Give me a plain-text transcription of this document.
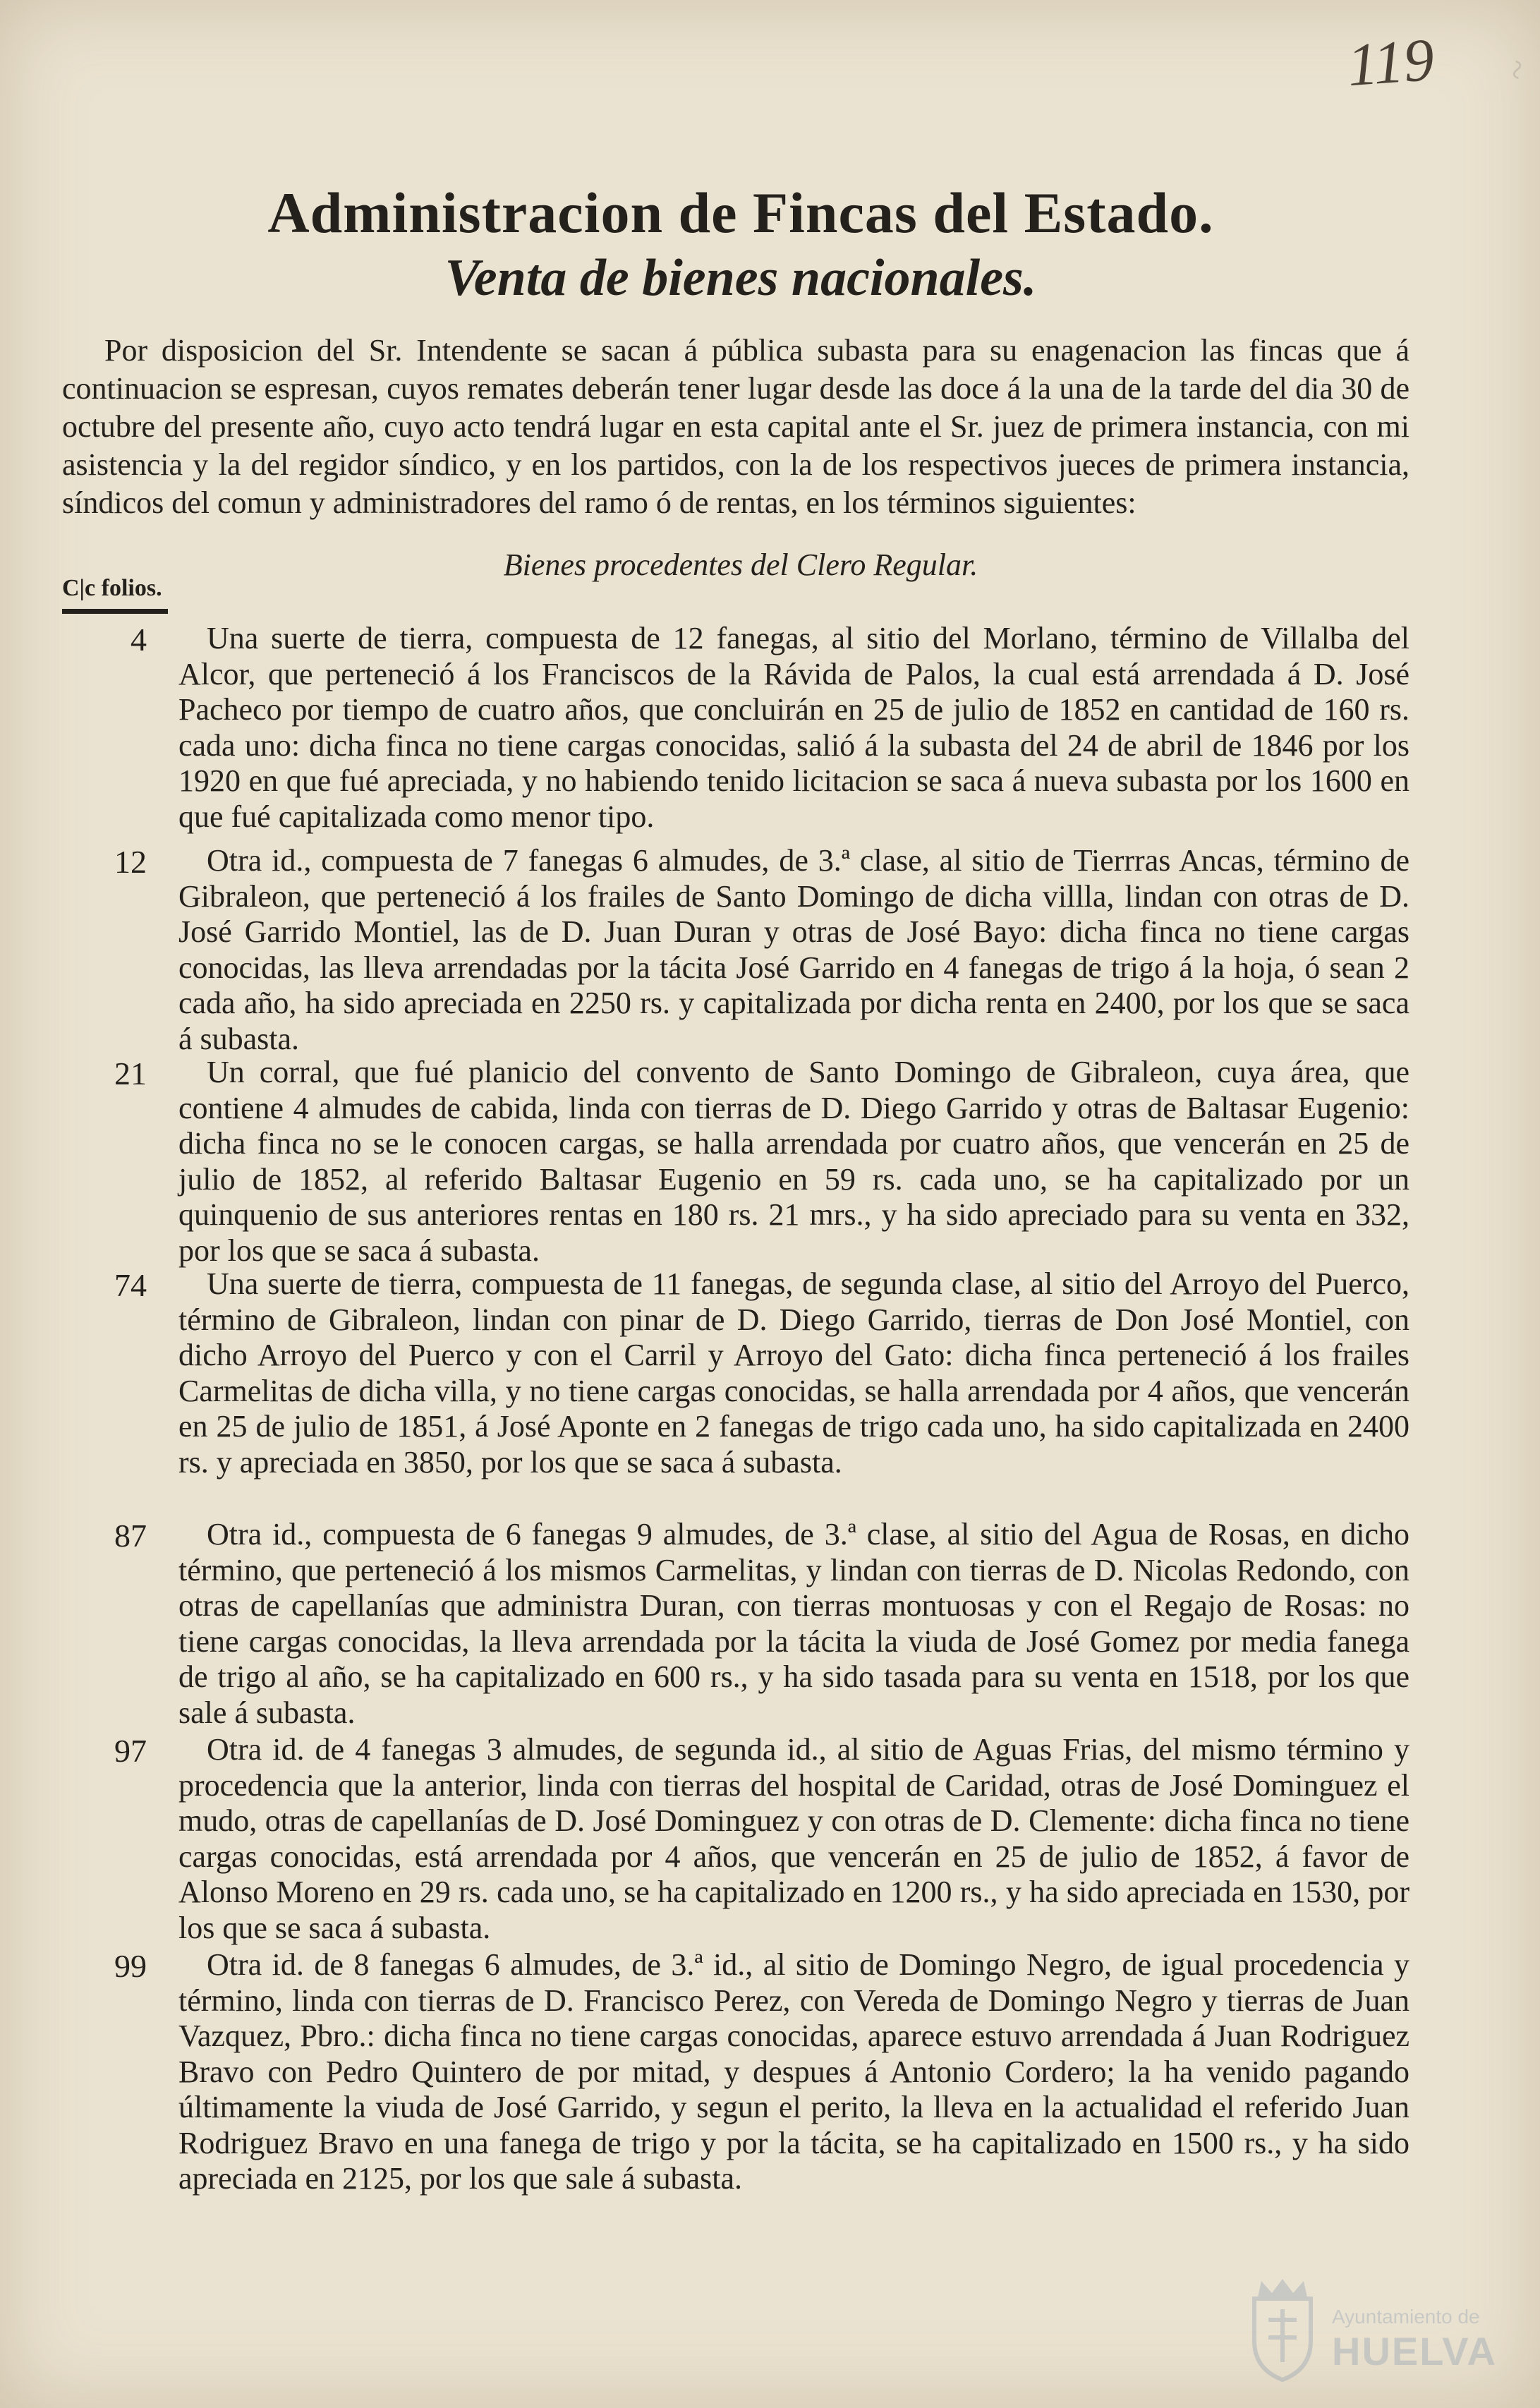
119 ~
Administracion de Fincas del Estado.
Venta de bienes nacionales.

Por disposicion del Sr. Intendente se sacan á pública subasta para su enagenacion las fincas que á continuacion se espresan, cuyos remates deberán tener lugar desde las doce á la una de la tarde del dia 30 de octubre del presente año, cuyo acto tendrá lugar en esta capital ante el Sr. juez de primera instancia, con mi asistencia y la del regidor síndico, y en los partidos, con la de los respectivos jueces de primera instancia, síndicos del comun y administradores del ramo ó de rentas, en los términos siguientes:

Bienes procedentes del Clero Regular.
C|c folios.
4	Una suerte de tierra, compuesta de 12 fanegas, al sitio del Morlano, término de Villalba del Alcor, que perteneció á los Franciscos de la Rávida de Palos, la cual está arrendada á D. José Pacheco por tiempo de cuatro años, que concluirán en 25 de julio de 1852 en cantidad de 160 rs. cada uno: dicha finca no tiene cargas conocidas, salió á la subasta del 24 de abril de 1846 por los 1920 en que fué apreciada, y no habiendo tenido licitacion se saca á nueva subasta por los 1600 en que fué capitalizada como menor tipo.

12	Otra id., compuesta de 7 fanegas 6 almudes, de 3.ª clase, al sitio de Tierrras Ancas, término de Gibraleon, que perteneció á los frailes de Santo Domingo de dicha villla, lindan con otras de D. José Garrido Montiel, las de D. Juan Duran y otras de José Bayo: dicha finca no tiene cargas conocidas, las lleva arrendadas por la tácita José Garrido en 4 fanegas de trigo á la hoja, ó sean 2 cada año, ha sido apreciada en 2250 rs. y capitalizada por dicha renta en 2400, por los que se saca á subasta.

21	Un corral, que fué planicio del convento de Santo Domingo de Gibraleon, cuya área, que contiene 4 almudes de cabida, linda con tierras de D. Diego Garrido y otras de Baltasar Eugenio: dicha finca no se le conocen cargas, se halla arrendada por cuatro años, que vencerán en 25 de julio de 1852, al referido Baltasar Eugenio en 59 rs. cada uno, se ha capitalizado por un quinquenio de sus anteriores rentas en 180 rs. 21 mrs., y ha sido apreciado para su venta en 332, por los que se saca á subasta.

74	Una suerte de tierra, compuesta de 11 fanegas, de segunda clase, al sitio del Arroyo del Puerco, término de Gibraleon, lindan con pinar de D. Diego Garrido, tierras de Don José Montiel, con dicho Arroyo del Puerco y con el Carril y Arroyo del Gato: dicha finca perteneció á los frailes Carmelitas de dicha villa, y no tiene cargas conocidas, se halla arrendada por 4 años, que vencerán en 25 de julio de 1851, á José Aponte en 2 fanegas de trigo cada uno, ha sido capitalizada en 2400 rs. y apreciada en 3850, por los que se saca á subasta.

87	Otra id., compuesta de 6 fanegas 9 almudes, de 3.ª clase, al sitio del Agua de Rosas, en dicho término, que perteneció á los mismos Carmelitas, y lindan con tierras de D. Nicolas Redondo, con otras de capellanías que administra Duran, con tierras montuosas y con el Regajo de Rosas: no tiene cargas conocidas, la lleva arrendada por la tácita la viuda de José Gomez por media fanega de trigo al año, se ha capitalizado en 600 rs., y ha sido tasada para su venta en 1518, por los que sale á subasta.

97	Otra id. de 4 fanegas 3 almudes, de segunda id., al sitio de Aguas Frias, del mismo término y procedencia que la anterior, linda con tierras del hospital de Caridad, otras de José Dominguez el mudo, otras de capellanías de D. José Dominguez y con otras de D. Clemente: dicha finca no tiene cargas conocidas, está arrendada por 4 años, que vencerán en 25 de julio de 1852, á favor de Alonso Moreno en 29 rs. cada uno, se ha capitalizado en 1200 rs., y ha sido apreciada en 1530, por los que se saca á subasta.

99	Otra id. de 8 fanegas 6 almudes, de 3.ª id., al sitio de Domingo Negro, de igual procedencia y término, linda con tierras de D. Francisco Perez, con Vereda de Domingo Negro y tierras de Juan Vazquez, Pbro.: dicha finca no tiene cargas conocidas, aparece estuvo arrendada á Juan Rodriguez Bravo con Pedro Quintero de por mitad, y despues á Antonio Cordero; la ha venido pagando últimamente la viuda de José Garrido, y segun el perito, la lleva en la actualidad el referido Juan Rodriguez Bravo en una fanega de trigo y por la tácita, se ha capitalizado en 1500 rs., y ha sido apreciada en 2125, por los que sale á subasta.

Ayuntamiento de
HUELVA
